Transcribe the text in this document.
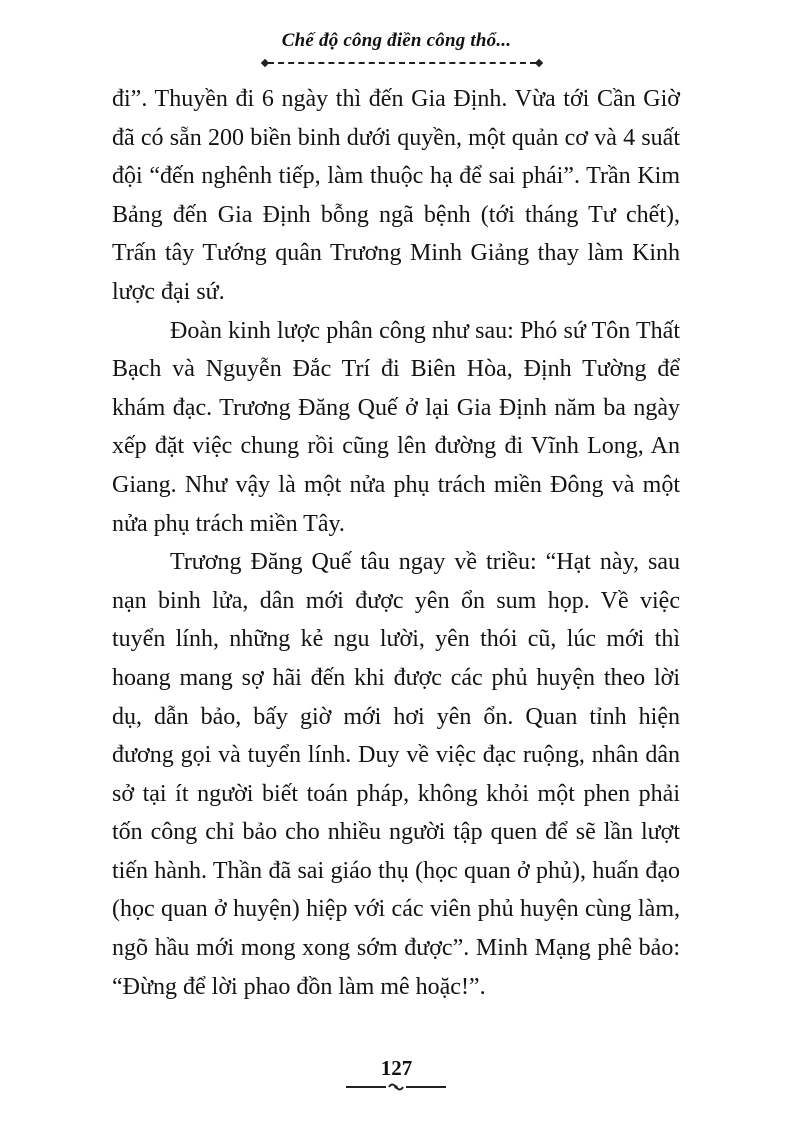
Chế độ công điền công thổ...

đi”. Thuyền đi 6 ngày thì đến Gia Định. Vừa tới Cần Giờ đã có sẵn 200 biền binh dưới quyền, một quản cơ và 4 suất đội “đến nghênh tiếp, làm thuộc hạ để sai phái”. Trần Kim Bảng đến Gia Định bỗng ngã bệnh (tới tháng Tư chết), Trấn tây Tướng quân Trương Minh Giảng thay làm Kinh lược đại sứ.

Đoàn kinh lược phân công như sau: Phó sứ Tôn Thất Bạch và Nguyễn Đắc Trí đi Biên Hòa, Định Tường để khám đạc. Trương Đăng Quế ở lại Gia Định năm ba ngày xếp đặt việc chung rồi cũng lên đường đi Vĩnh Long, An Giang. Như vậy là một nửa phụ trách miền Đông và một nửa phụ trách miền Tây.

Trương Đăng Quế tâu ngay về triều: “Hạt này, sau nạn binh lửa, dân mới được yên ổn sum họp. Về việc tuyển lính, những kẻ ngu lười, yên thói cũ, lúc mới thì hoang mang sợ hãi đến khi được các phủ huyện theo lời dụ, dẫn bảo, bấy giờ mới hơi yên ổn. Quan tỉnh hiện đương gọi và tuyển lính. Duy về việc đạc ruộng, nhân dân sở tại ít người biết toán pháp, không khỏi một phen phải tốn công chỉ bảo cho nhiều người tập quen để sẽ lần lượt tiến hành. Thần đã sai giáo thụ (học quan ở phủ), huấn đạo (học quan ở huyện) hiệp với các viên phủ huyện cùng làm, ngõ hầu mới mong xong sớm được”. Minh Mạng phê bảo: “Đừng để lời phao đồn làm mê hoặc!”.

127
